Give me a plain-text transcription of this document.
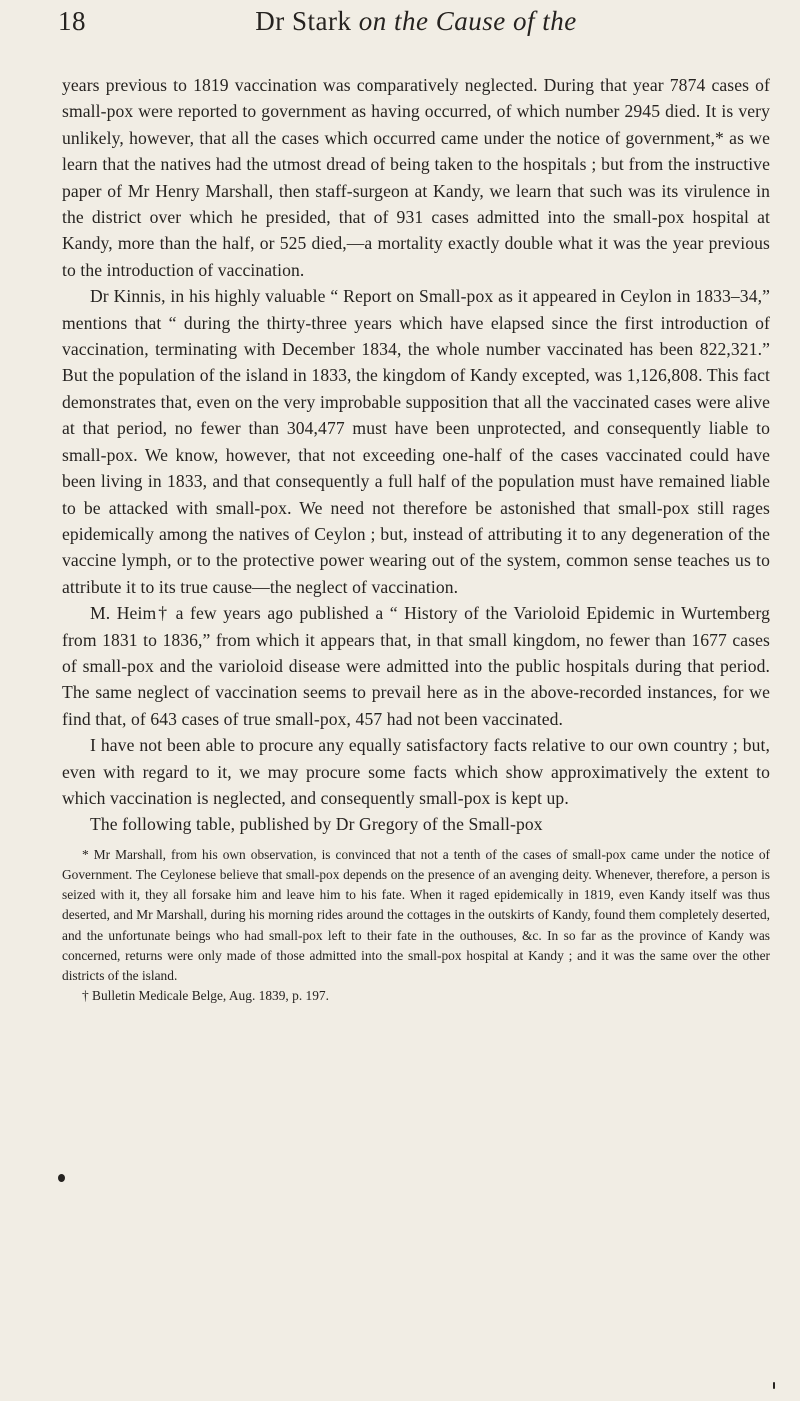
18	Dr Stark on the Cause of the

years previous to 1819 vaccination was comparatively neglected. During that year 7874 cases of small-pox were reported to government as having occurred, of which number 2945 died. It is very unlikely, however, that all the cases which occurred came under the notice of government,* as we learn that the natives had the utmost dread of being taken to the hospitals ; but from the instructive paper of Mr Henry Marshall, then staff-surgeon at Kandy, we learn that such was its virulence in the district over which he presided, that of 931 cases admitted into the small-pox hospital at Kandy, more than the half, or 525 died,—a mortality exactly double what it was the year previous to the introduction of vaccination.

Dr Kinnis, in his highly valuable “ Report on Small-pox as it appeared in Ceylon in 1833–34,” mentions that “ during the thirty-three years which have elapsed since the first introduction of vaccination, terminating with December 1834, the whole number vaccinated has been 822,321.” But the population of the island in 1833, the kingdom of Kandy excepted, was 1,126,808. This fact demonstrates that, even on the very improbable supposition that all the vaccinated cases were alive at that period, no fewer than 304,477 must have been unprotected, and consequently liable to small-pox. We know, however, that not exceeding one-half of the cases vaccinated could have been living in 1833, and that consequently a full half of the population must have remained liable to be attacked with small-pox. We need not therefore be astonished that small-pox still rages epidemically among the natives of Ceylon ; but, instead of attributing it to any degeneration of the vaccine lymph, or to the protective power wearing out of the system, common sense teaches us to attribute it to its true cause—the neglect of vaccination.

M. Heim† a few years ago published a “ History of the Varioloid Epidemic in Wurtemberg from 1831 to 1836,” from which it appears that, in that small kingdom, no fewer than 1677 cases of small-pox and the varioloid disease were admitted into the public hospitals during that period. The same neglect of vaccination seems to prevail here as in the above-recorded instances, for we find that, of 643 cases of true small-pox, 457 had not been vaccinated.

I have not been able to procure any equally satisfactory facts relative to our own country ; but, even with regard to it, we may procure some facts which show approximatively the extent to which vaccination is neglected, and consequently small-pox is kept up.

The following table, published by Dr Gregory of the Small-pox

* Mr Marshall, from his own observation, is convinced that not a tenth of the cases of small-pox came under the notice of Government. The Ceylonese believe that small-pox depends on the presence of an avenging deity. Whenever, therefore, a person is seized with it, they all forsake him and leave him to his fate. When it raged epidemically in 1819, even Kandy itself was thus deserted, and Mr Marshall, during his morning rides around the cottages in the outskirts of Kandy, found them completely deserted, and the unfortunate beings who had small-pox left to their fate in the outhouses, &c. In so far as the province of Kandy was concerned, returns were only made of those admitted into the small-pox hospital at Kandy ; and it was the same over the other districts of the island.

† Bulletin Medicale Belge, Aug. 1839, p. 197.
